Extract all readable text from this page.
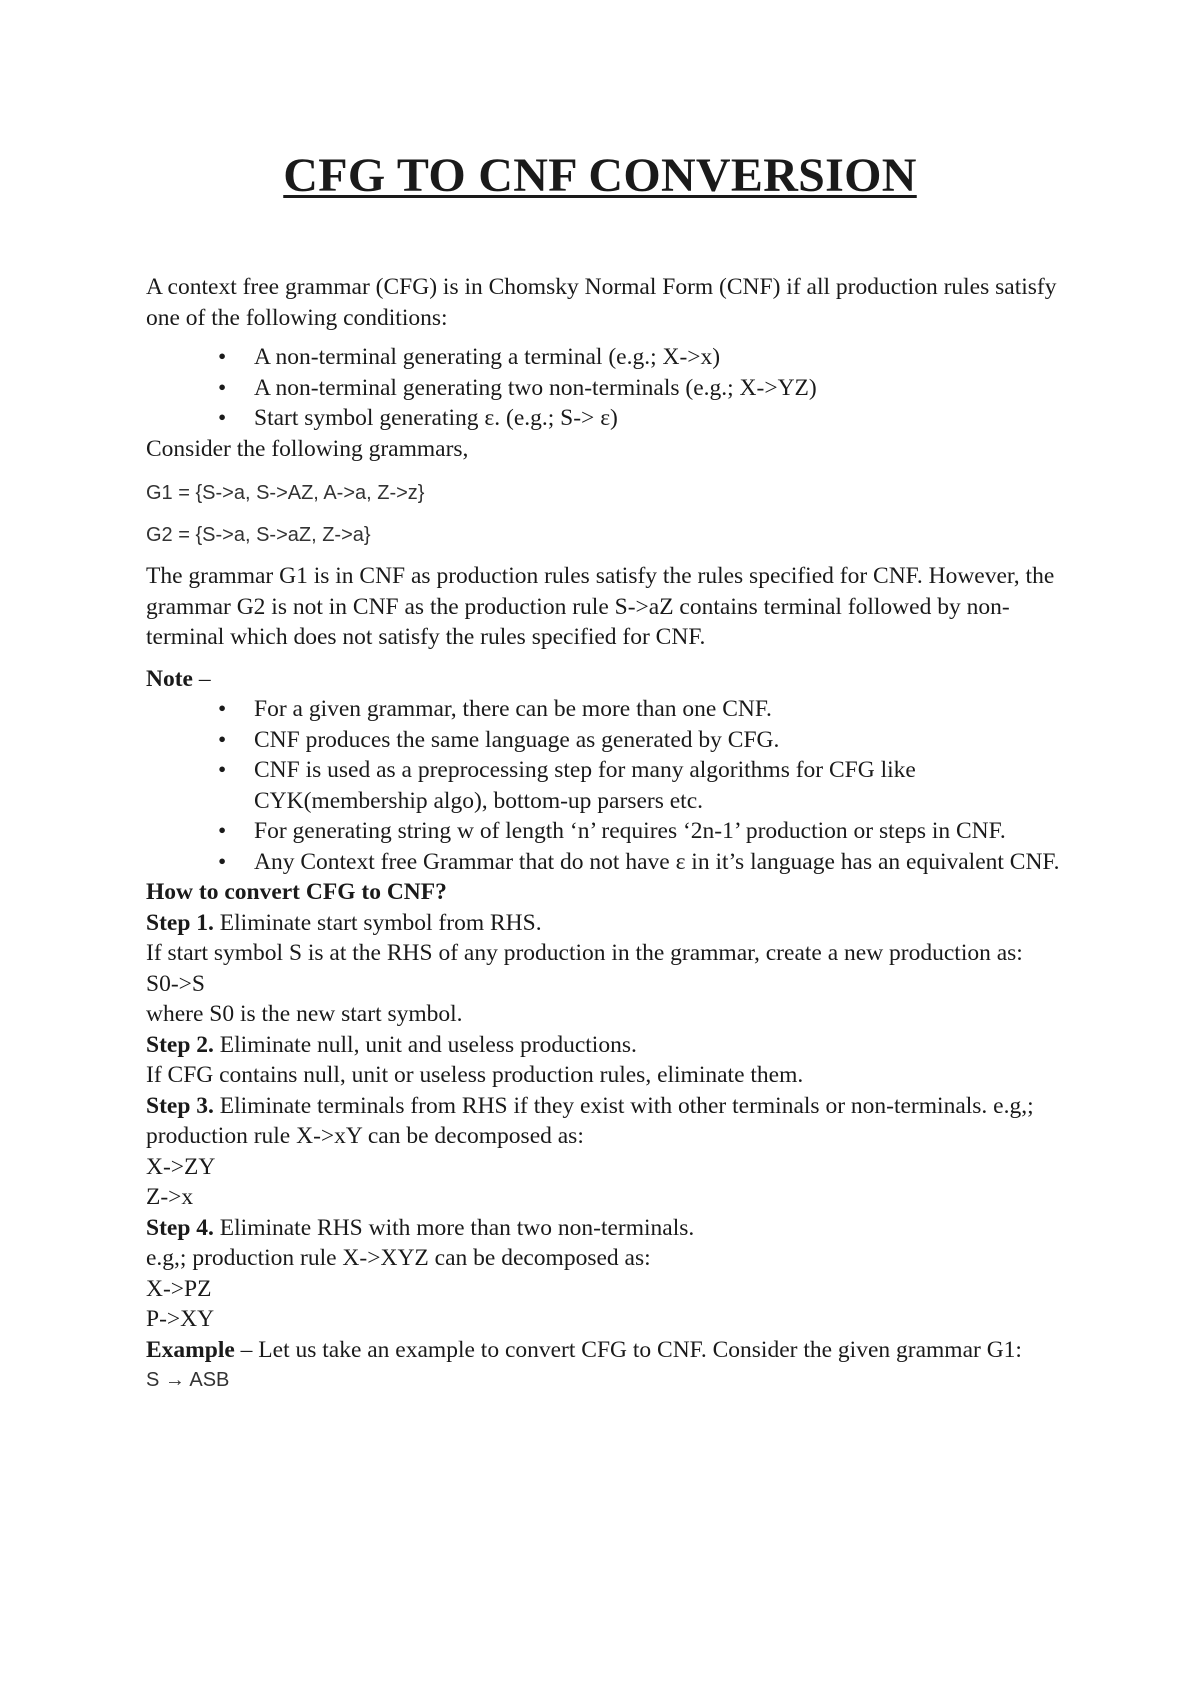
CFG TO CNF CONVERSION

A context free grammar (CFG) is in Chomsky Normal Form (CNF) if all production rules satisfy one of the following conditions:

• A non-terminal generating a terminal (e.g.; X->x)
• A non-terminal generating two non-terminals (e.g.; X->YZ)
• Start symbol generating ε. (e.g.; S-> ε)

Consider the following grammars,

G1 = {S->a, S->AZ, A->a, Z->z}

G2 = {S->a, S->aZ, Z->a}

The grammar G1 is in CNF as production rules satisfy the rules specified for CNF. However, the grammar G2 is not in CNF as the production rule S->aZ contains terminal followed by non-terminal which does not satisfy the rules specified for CNF.

Note –

• For a given grammar, there can be more than one CNF.
• CNF produces the same language as generated by CFG.
• CNF is used as a preprocessing step for many algorithms for CFG like CYK(membership algo), bottom-up parsers etc.
• For generating string w of length ‘n’ requires ‘2n-1’ production or steps in CNF.
• Any Context free Grammar that do not have ε in it’s language has an equivalent CNF.

How to convert CFG to CNF?

Step 1. Eliminate start symbol from RHS.

If start symbol S is at the RHS of any production in the grammar, create a new production as:

S0->S

where S0 is the new start symbol.

Step 2. Eliminate null, unit and useless productions.

If CFG contains null, unit or useless production rules, eliminate them.

Step 3. Eliminate terminals from RHS if they exist with other terminals or non-terminals. e.g,; production rule X->xY can be decomposed as:

X->ZY

Z->x

Step 4. Eliminate RHS with more than two non-terminals.

e.g,; production rule X->XYZ can be decomposed as:

X->PZ

P->XY

Example – Let us take an example to convert CFG to CNF. Consider the given grammar G1:

S → ASB
